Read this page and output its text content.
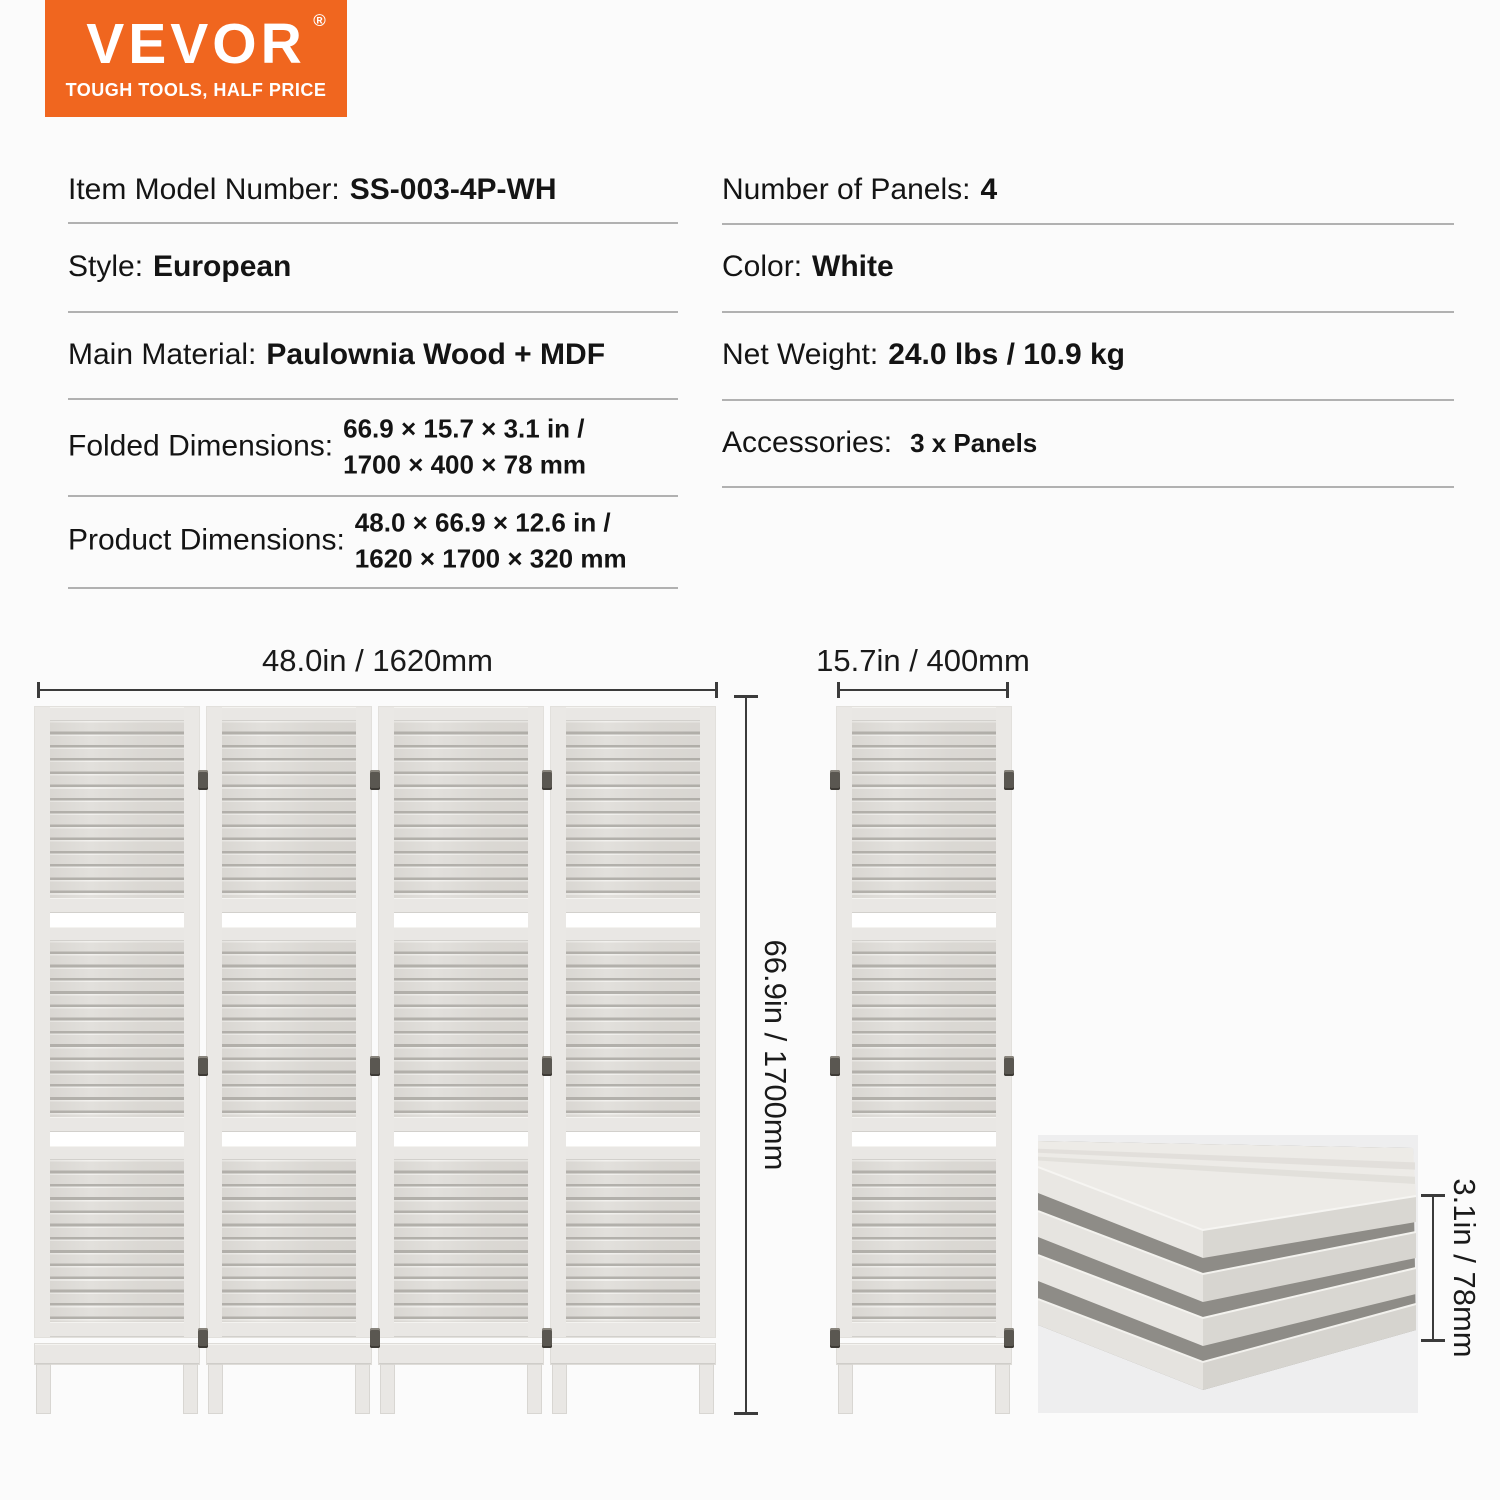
VEVOR ®
TOUGH TOOLS, HALF PRICE
Item Model Number: SS-003-4P-WH
Style: European
Main Material: Paulownia Wood + MDF
Folded Dimensions:
66.9 × 15.7 × 3.1 in /
1700 × 400 × 78 mm
Product Dimensions:
48.0 × 66.9 × 12.6 in /
1620 × 1700 × 320 mm
Number of Panels: 4
Color: White
Net Weight: 24.0 lbs / 10.9 kg
Accessories: 3 x Panels
48.0in / 1620mm
66.9in / 1700mm
15.7in / 400mm
3.1in / 78mm
